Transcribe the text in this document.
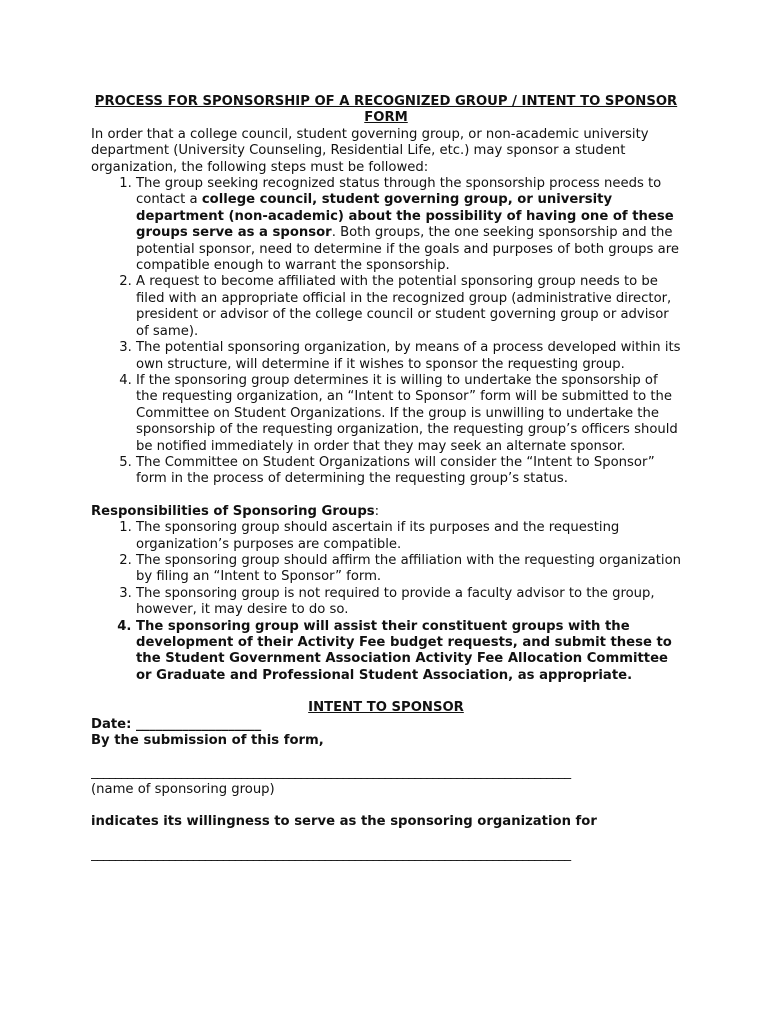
PROCESS FOR SPONSORSHIP OF A RECOGNIZED GROUP / INTENT TO SPONSOR FORM

In order that a college council, student governing group, or non-academic university department (University Counseling, Residential Life, etc.) may sponsor a student organization, the following steps must be followed:

1. The group seeking recognized status through the sponsorship process needs to contact a college council, student governing group, or university department (non-academic) about the possibility of having one of these groups serve as a sponsor. Both groups, the one seeking sponsorship and the potential sponsor, need to determine if the goals and purposes of both groups are compatible enough to warrant the sponsorship.
2. A request to become affiliated with the potential sponsoring group needs to be filed with an appropriate official in the recognized group (administrative director, president or advisor of the college council or student governing group or advisor of same).
3. The potential sponsoring organization, by means of a process developed within its own structure, will determine if it wishes to sponsor the requesting group.
4. If the sponsoring group determines it is willing to undertake the sponsorship of the requesting organization, an “Intent to Sponsor” form will be submitted to the Committee on Student Organizations. If the group is unwilling to undertake the sponsorship of the requesting organization, the requesting group’s officers should be notified immediately in order that they may seek an alternate sponsor.
5. The Committee on Student Organizations will consider the “Intent to Sponsor” form in the process of determining the requesting group’s status.

Responsibilities of Sponsoring Groups:

1. The sponsoring group should ascertain if its purposes and the requesting organization’s purposes are compatible.
2. The sponsoring group should affirm the affiliation with the requesting organization by filing an “Intent to Sponsor” form.
3. The sponsoring group is not required to provide a faculty advisor to the group, however, it may desire to do so.
4. The sponsoring group will assist their constituent groups with the development of their Activity Fee budget requests, and submit these to the Student Government Association Activity Fee Allocation Committee or Graduate and Professional Student Association, as appropriate.

INTENT TO SPONSOR

Date: ___________________

By the submission of this form,

________________________________________________________________________________

(name of sponsoring group)

indicates its willingness to serve as the sponsoring organization for

________________________________________________________________________________
